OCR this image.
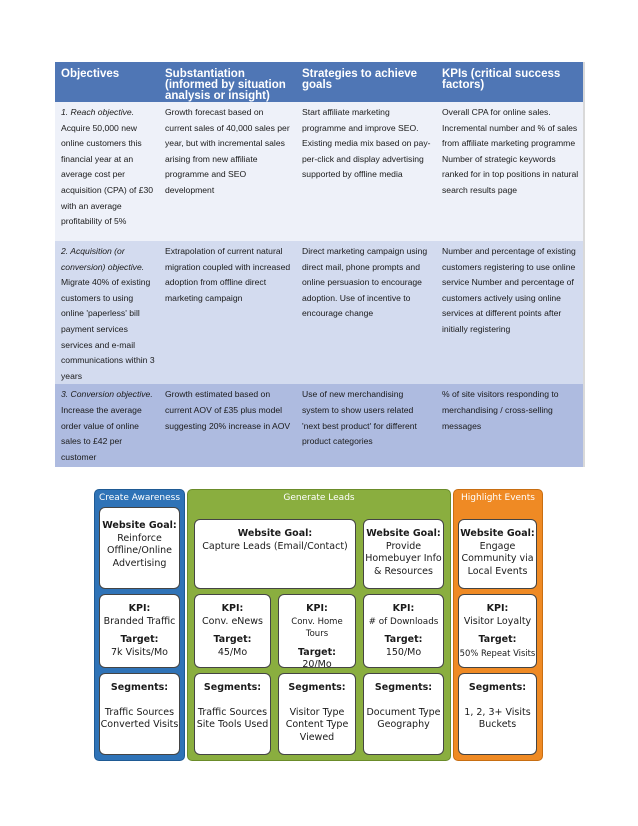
Objectives	Substantiation (informed by situation analysis or insight)	Strategies to achieve goals	KPIs (critical success factors)
1. Reach objective. Acquire 50,000 new online customers this financial year at an average cost per acquisition (CPA) of £30 with an average profitability of 5%	Growth forecast based on current sales of 40,000 sales per year, but with incremental sales arising from new affiliate programme and SEO development	Start affiliate marketing programme and improve SEO. Existing media mix based on pay-per-click and display advertising supported by offline media	Overall CPA for online sales. Incremental number and % of sales from affiliate marketing programme Number of strategic keywords ranked for in top positions in natural search results page
2. Acquisition (or conversion) objective. Migrate 40% of existing customers to using online 'paperless' bill payment services services and e-mail communications within 3 years	Extrapolation of current natural migration coupled with increased adoption from offline direct marketing campaign	Direct marketing campaign using direct mail, phone prompts and online persuasion to encourage adoption. Use of incentive to encourage change	Number and percentage of existing customers registering to use online service Number and percentage of customers actively using online services at different points after initially registering
3. Conversion objective. Increase the average order value of online sales to £42 per customer	Growth estimated based on current AOV of £35 plus model suggesting 20% increase in AOV	Use of new merchandising system to show users related 'next best product' for different product categories	% of site visitors responding to merchandising / cross-selling messages
Create Awareness
Website Goal:
Reinforce Offline/Online Advertising
KPI:
Branded Traffic
Target:
7k Visits/Mo
Segments:
Traffic Sources Converted Visits
Generate Leads
Website Goal:
Capture Leads (Email/Contact)
Website Goal:
Provide Homebuyer Info & Resources
KPI:
Conv. eNews
Target:
45/Mo
KPI:
Conv. Home Tours
Target:
20/Mo
KPI:
# of Downloads
Target:
150/Mo
Segments:
Traffic Sources Site Tools Used
Segments:
Visitor Type Content Type Viewed
Segments:
Document Type Geography
Highlight Events
Website Goal:
Engage Community via Local Events
KPI:
Visitor Loyalty
Target:
50% Repeat Visits
Segments:
1, 2, 3+ Visits Buckets
